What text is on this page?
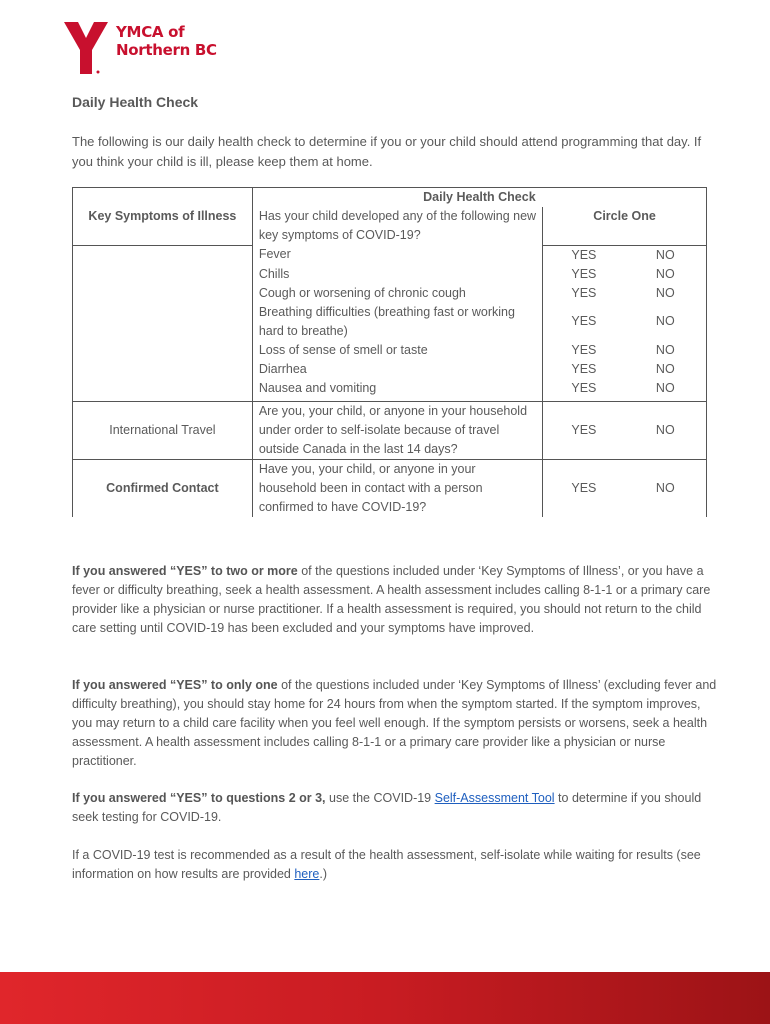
YMCA of
Northern BC
Daily Health Check
The following is our daily health check to determine if you or your child should attend programming that day. If you think your child is ill, please keep them at home.
	Daily Health Check		
Key Symptoms of Illness	Has your child developed any of the following new key symptoms of COVID-19?	Circle One	
	Fever	YES	NO
	Chills	YES	NO
	Cough or worsening of chronic cough	YES	NO
	Breathing difficulties (breathing fast or working hard to breathe)	YES	NO
	Loss of sense of smell or taste	YES	NO
	Diarrhea	YES	NO
	Nausea and vomiting	YES	NO
International Travel	Are you, your child, or anyone in your household under order to self-isolate because of travel outside Canada in the last 14 days?	YES	NO
Confirmed Contact	Have you, your child, or anyone in your household been in contact with a person confirmed to have COVID-19?	YES	NO
If you answered “YES” to two or more of the questions included under ‘Key Symptoms of Illness’, or you have a fever or difficulty breathing, seek a health assessment. A health assessment includes calling 8-1-1 or a primary care provider like a physician or nurse practitioner. If a health assessment is required, you should not return to the child care setting until COVID-19 has been excluded and your symptoms have improved.
If you answered “YES” to only one of the questions included under ‘Key Symptoms of Illness’ (excluding fever and difficulty breathing), you should stay home for 24 hours from when the symptom started. If the symptom improves, you may return to a child care facility when you feel well enough. If the symptom persists or worsens, seek a health assessment. A health assessment includes calling 8-1-1 or a primary care provider like a physician or nurse practitioner.
If you answered “YES” to questions 2 or 3, use the COVID-19 Self-Assessment Tool to determine if you should seek testing for COVID-19.
If a COVID-19 test is recommended as a result of the health assessment, self-isolate while waiting for results (see information on how results are provided here.)
